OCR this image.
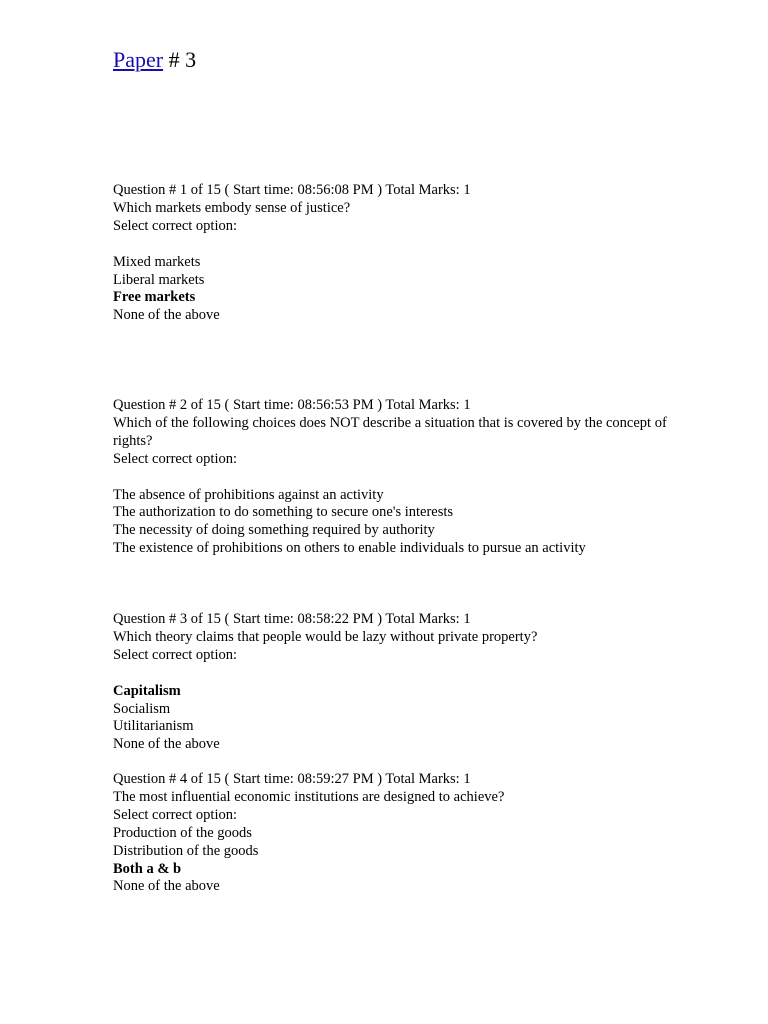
Paper # 3
Question # 1 of 15 ( Start time: 08:56:08 PM ) Total Marks: 1
Which markets embody sense of justice?
Select correct option:
Mixed markets
Liberal markets
Free markets
None of the above
Question # 2 of 15 ( Start time: 08:56:53 PM ) Total Marks: 1
Which of the following choices does NOT describe a situation that is covered by the concept of rights?
Select correct option:
The absence of prohibitions against an activity
The authorization to do something to secure one's interests
The necessity of doing something required by authority
The existence of prohibitions on others to enable individuals to pursue an activity
Question # 3 of 15 ( Start time: 08:58:22 PM ) Total Marks: 1
Which theory claims that people would be lazy without private property?
Select correct option:
Capitalism
Socialism
Utilitarianism
None of the above
Question # 4 of 15 ( Start time: 08:59:27 PM ) Total Marks: 1
The most influential economic institutions are designed to achieve?
Select correct option:
Production of the goods
Distribution of the goods
Both a & b
None of the above
